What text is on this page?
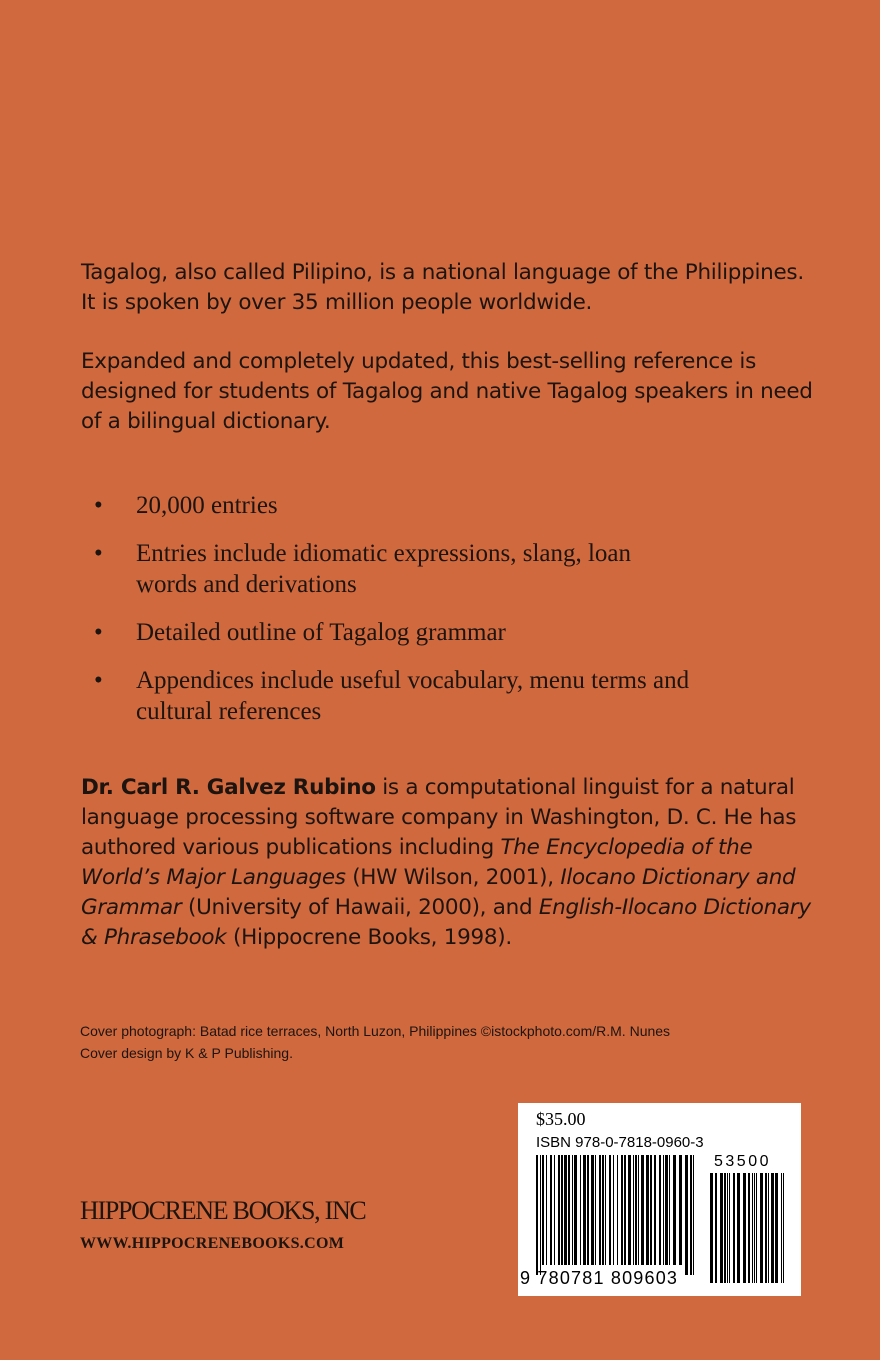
Tagalog, also called Pilipino, is a national language of the Philippines. It is spoken by over 35 million people worldwide.

Expanded and completely updated, this best-selling reference is designed for students of Tagalog and native Tagalog speakers in need of a bilingual dictionary.

• 20,000 entries
• Entries include idiomatic expressions, slang, loan words and derivations
• Detailed outline of Tagalog grammar
• Appendices include useful vocabulary, menu terms and cultural references

Dr. Carl R. Galvez Rubino is a computational linguist for a natural language processing software company in Washington, D. C. He has authored various publications including The Encyclopedia of the World’s Major Languages (HW Wilson, 2001), Ilocano Dictionary and Grammar (University of Hawaii, 2000), and English-Ilocano Dictionary & Phrasebook (Hippocrene Books, 1998).

Cover photograph: Batad rice terraces, North Luzon, Philippines ©istockphoto.com/R.M. Nunes
Cover design by K & P Publishing.
HIPPOCRENE BOOKS, INC
WWW.HIPPOCRENEBOOKS.COM
$35.00
ISBN 978-0-7818-0960-3
53500
9 780781 809603
